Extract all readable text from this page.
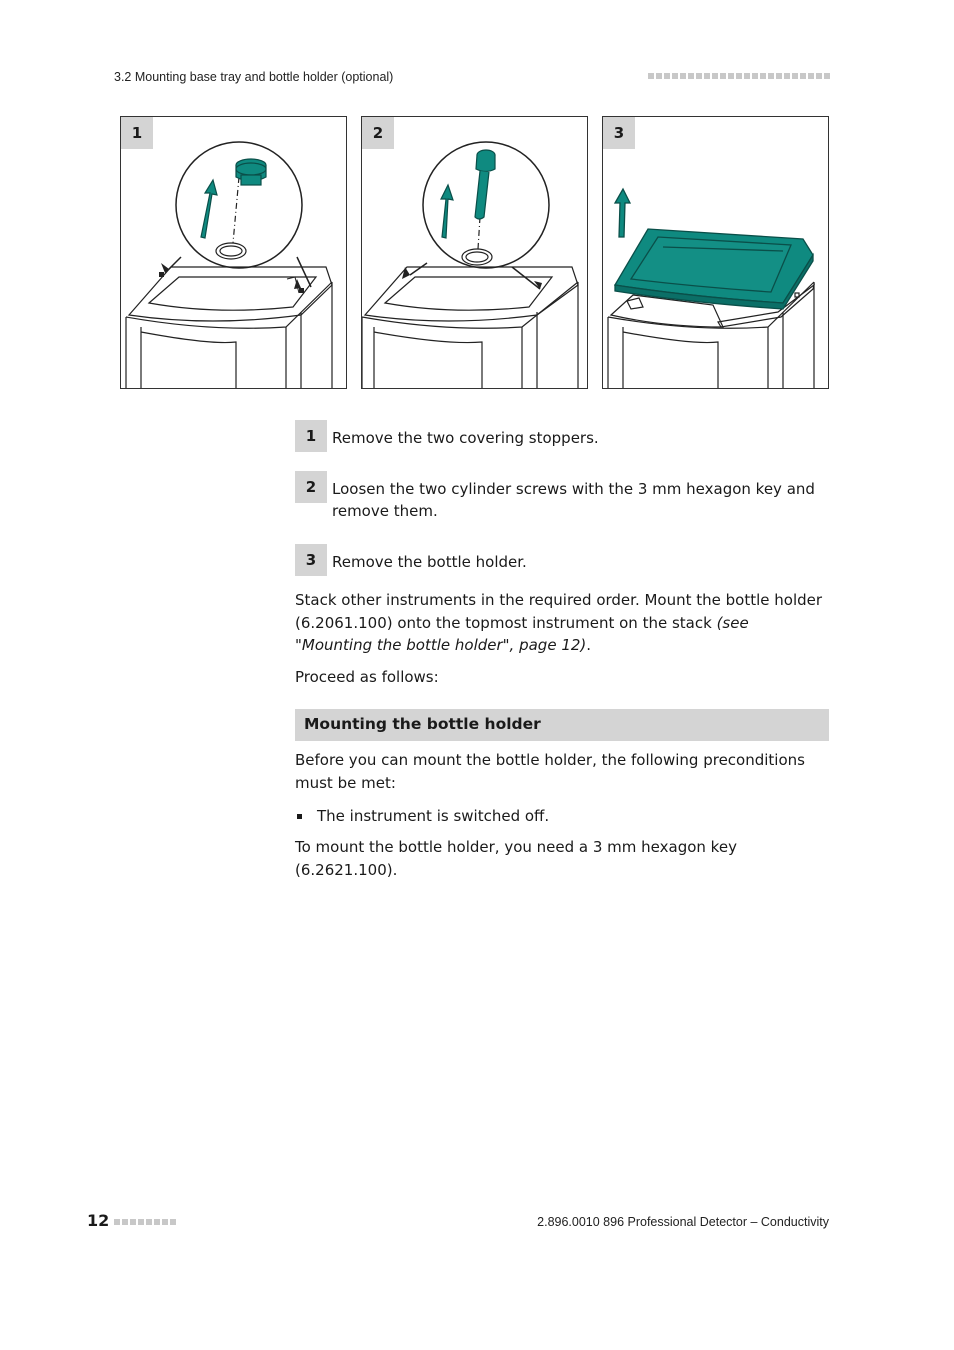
3.2 Mounting base tray and bottle holder (optional)
1	2	3
1	Remove the two covering stoppers.
2	Loosen the two cylinder screws with the 3 mm hexagon key and remove them.
3	Remove the bottle holder.
Stack other instruments in the required order. Mount the bottle holder (6.2061.100) onto the topmost instrument on the stack (see "Mounting the bottle holder", page 12).
Proceed as follows:
Mounting the bottle holder
Before you can mount the bottle holder, the following preconditions must be met:
The instrument is switched off.
To mount the bottle holder, you need a 3 mm hexagon key (6.2621.100).
12	2.896.0010 896 Professional Detector – Conductivity
